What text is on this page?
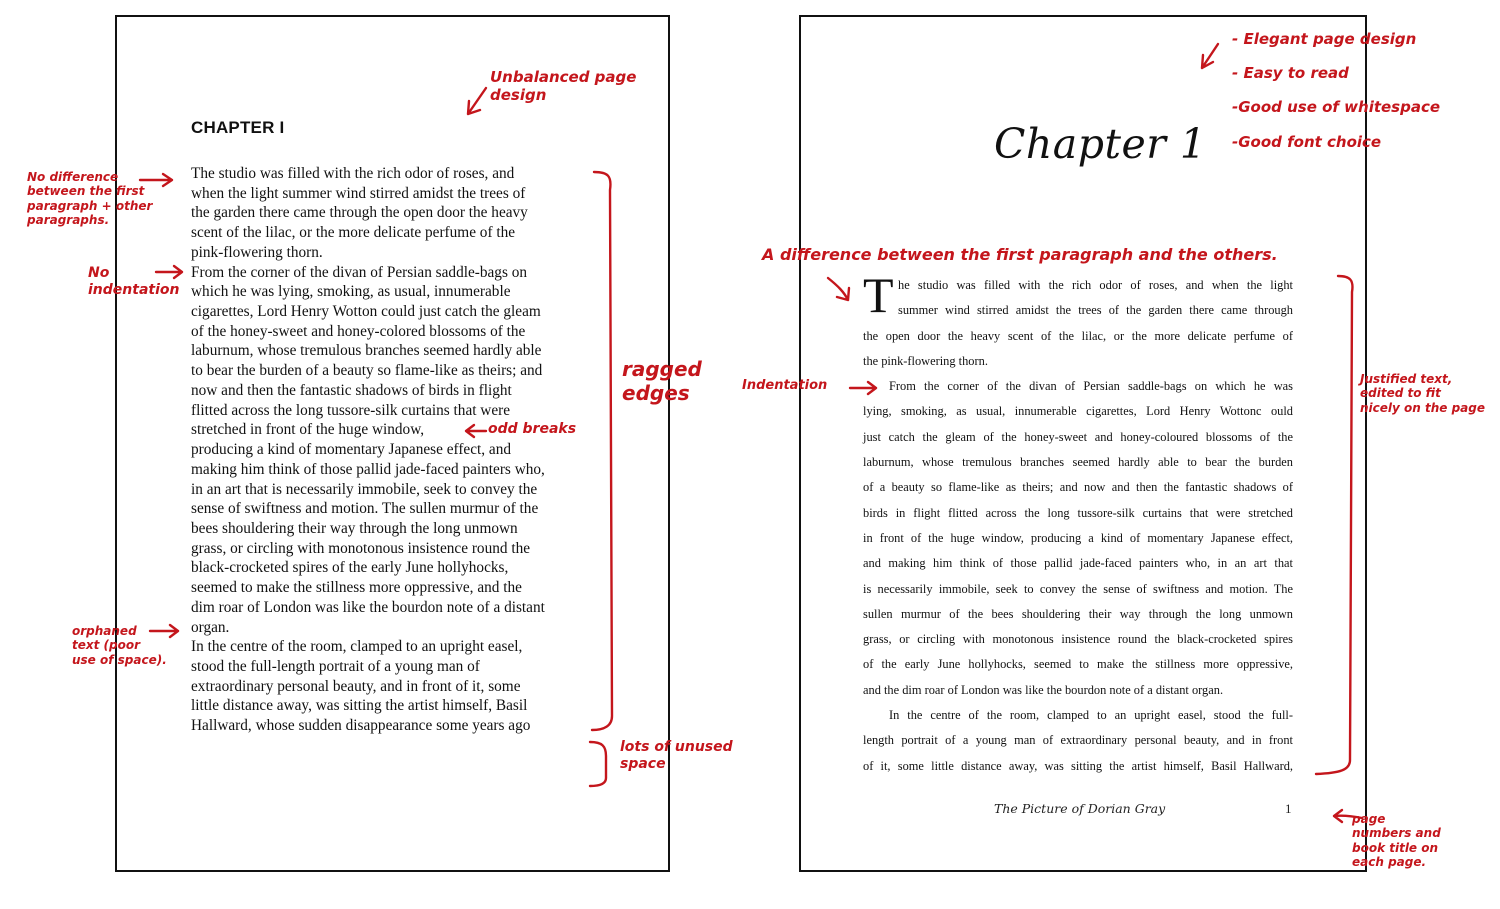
CHAPTER I
The studio was filled with the rich odor of roses, and
when the light summer wind stirred amidst the trees of
the garden there came through the open door the heavy
scent of the lilac, or the more delicate perfume of the
pink-flowering thorn.
From the corner of the divan of Persian saddle-bags on
which he was lying, smoking, as usual, innumerable
cigarettes, Lord Henry Wotton could just catch the gleam
of the honey-sweet and honey-colored blossoms of the
laburnum, whose tremulous branches seemed hardly able
to bear the burden of a beauty so flame-like as theirs; and
now and then the fantastic shadows of birds in flight
flitted across the long tussore-silk curtains that were
stretched in front of the huge window,
producing a kind of momentary Japanese effect, and
making him think of those pallid jade-faced painters who,
in an art that is necessarily immobile, seek to convey the
sense of swiftness and motion. The sullen murmur of the
bees shouldering their way through the long unmown
grass, or circling with monotonous insistence round the
black-crocketed spires of the early June hollyhocks,
seemed to make the stillness more oppressive, and the
dim roar of London was like the bourdon note of a distant
organ.
In the centre of the room, clamped to an upright easel,
stood the full-length portrait of a young man of
extraordinary personal beauty, and in front of it, some
little distance away, was sitting the artist himself, Basil
Hallward, whose sudden disappearance some years ago
Chapter 1
T he studio was filled with the rich odor of roses, and when the light
summer wind stirred amidst the trees of the garden there came through
the open door the heavy scent of the lilac, or the more delicate perfume of
the pink-flowering thorn.
From the corner of the divan of Persian saddle-bags on which he was
lying, smoking, as usual, innumerable cigarettes, Lord Henry Wottonc ould
just catch the gleam of the honey-sweet and honey-coloured blossoms of the
laburnum, whose tremulous branches seemed hardly able to bear the burden
of a beauty so flame-like as theirs; and now and then the fantastic shadows of
birds in flight flitted across the long tussore-silk curtains that were stretched
in front of the huge window, producing a kind of momentary Japanese effect,
and making him think of those pallid jade-faced painters who, in an art that
is necessarily immobile, seek to convey the sense of swiftness and motion. The
sullen murmur of the bees shouldering their way through the long unmown
grass, or circling with monotonous insistence round the black-crocketed spires
of the early June hollyhocks, seemed to make the stillness more oppressive,
and the dim roar of London was like the bourdon note of a distant organ.
In the centre of the room, clamped to an upright easel, stood the full-
length portrait of a young man of extraordinary personal beauty, and in front
of it, some little distance away, was sitting the artist himself, Basil Hallward,
The Picture of Dorian Gray	1
Unbalanced page
design
No difference
between the first
paragraph + other
paragraphs.
No
indentation
ragged
edges
odd breaks
orphaned
text (poor
use of space).
lots of unused
space
- Elegant page design
- Easy to read
-Good use of whitespace
-Good font choice
A difference between the first paragraph and the others.
Indentation	Justified text,
edited to fit
nicely on the page
page
numbers and
book title on
each page.
